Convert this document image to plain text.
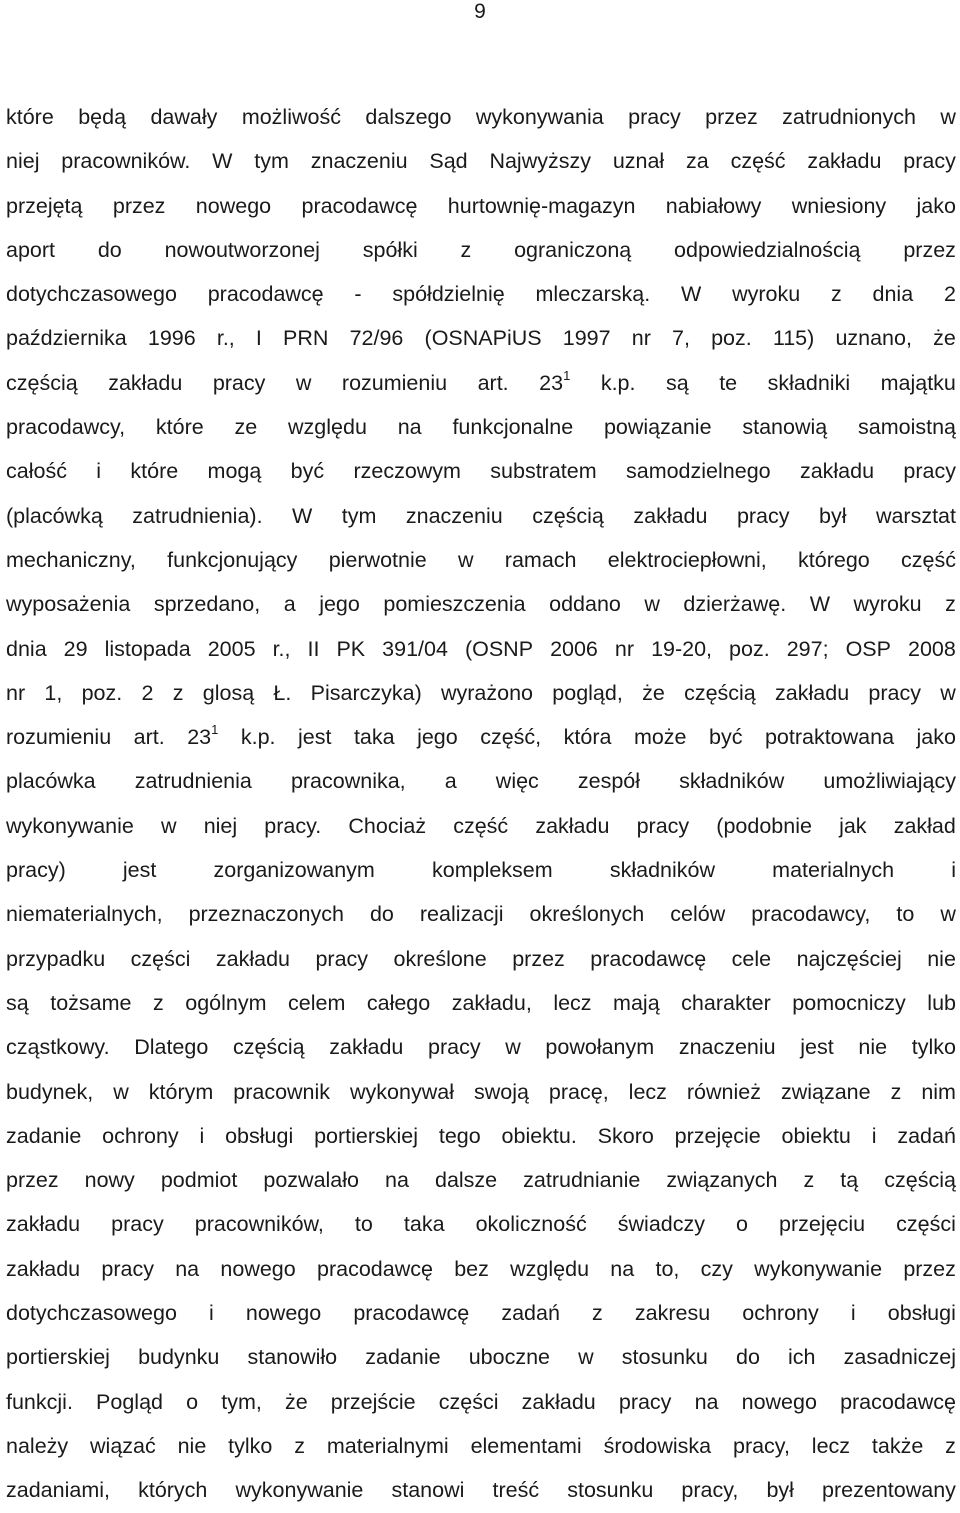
9
które będą dawały możliwość dalszego wykonywania pracy przez zatrudnionych w
niej pracowników. W tym znaczeniu Sąd Najwyższy uznał za część zakładu pracy
przejętą przez nowego pracodawcę hurtownię-magazyn nabiałowy wniesiony jako
aport do nowoutworzonej spółki z ograniczoną odpowiedzialnością przez
dotychczasowego pracodawcę - spółdzielnię mleczarską. W wyroku z dnia 2
października 1996 r., I PRN 72/96 (OSNAPiUS 1997 nr 7, poz. 115) uznano, że
częścią zakładu pracy w rozumieniu art. $23^1$ k.p. są te składniki majątku
pracodawcy, które ze względu na funkcjonalne powiązanie stanowią samoistną
całość i które mogą być rzeczowym substratem samodzielnego zakładu pracy
(placówką zatrudnienia). W tym znaczeniu częścią zakładu pracy był warsztat
mechaniczny, funkcjonujący pierwotnie w ramach elektrociepłowni, którego część
wyposażenia sprzedano, a jego pomieszczenia oddano w dzierżawę. W wyroku z
dnia 29 listopada 2005 r., II PK 391/04 (OSNP 2006 nr 19-20, poz. 297; OSP 2008
nr 1, poz. 2 z glosą Ł. Pisarczyka) wyrażono pogląd, że częścią zakładu pracy w
rozumieniu art. $23^1$ k.p. jest taka jego część, która może być potraktowana jako
placówka zatrudnienia pracownika, a więc zespół składników umożliwiający
wykonywanie w niej pracy. Chociaż część zakładu pracy (podobnie jak zakład
pracy)	jest	zorganizowanym	kompleksem	składników	materialnych	i
niematerialnych, przeznaczonych do realizacji określonych celów pracodawcy, to w
przypadku części zakładu pracy określone przez pracodawcę cele najczęściej nie
są tożsame z ogólnym celem całego zakładu, lecz mają charakter pomocniczy lub
cząstkowy. Dlatego częścią zakładu pracy w powołanym znaczeniu jest nie tylko
budynek, w którym pracownik wykonywał swoją pracę, lecz również związane z nim
zadanie ochrony i obsługi portierskiej tego obiektu. Skoro przejęcie obiektu i zadań
przez nowy podmiot pozwalało na dalsze zatrudnianie związanych z tą częścią
zakładu pracy pracowników, to taka okoliczność świadczy o przejęciu części
zakładu pracy na nowego pracodawcę bez względu na to, czy wykonywanie przez
dotychczasowego i nowego pracodawcę zadań z zakresu ochrony i obsługi
portierskiej budynku stanowiło zadanie uboczne w stosunku do ich zasadniczej
funkcji. Pogląd o tym, że przejście części zakładu pracy na nowego pracodawcę
należy wiązać nie tylko z materialnymi elementami środowiska pracy, lecz także z
zadaniami, których wykonywanie stanowi treść stosunku pracy, był prezentowany
